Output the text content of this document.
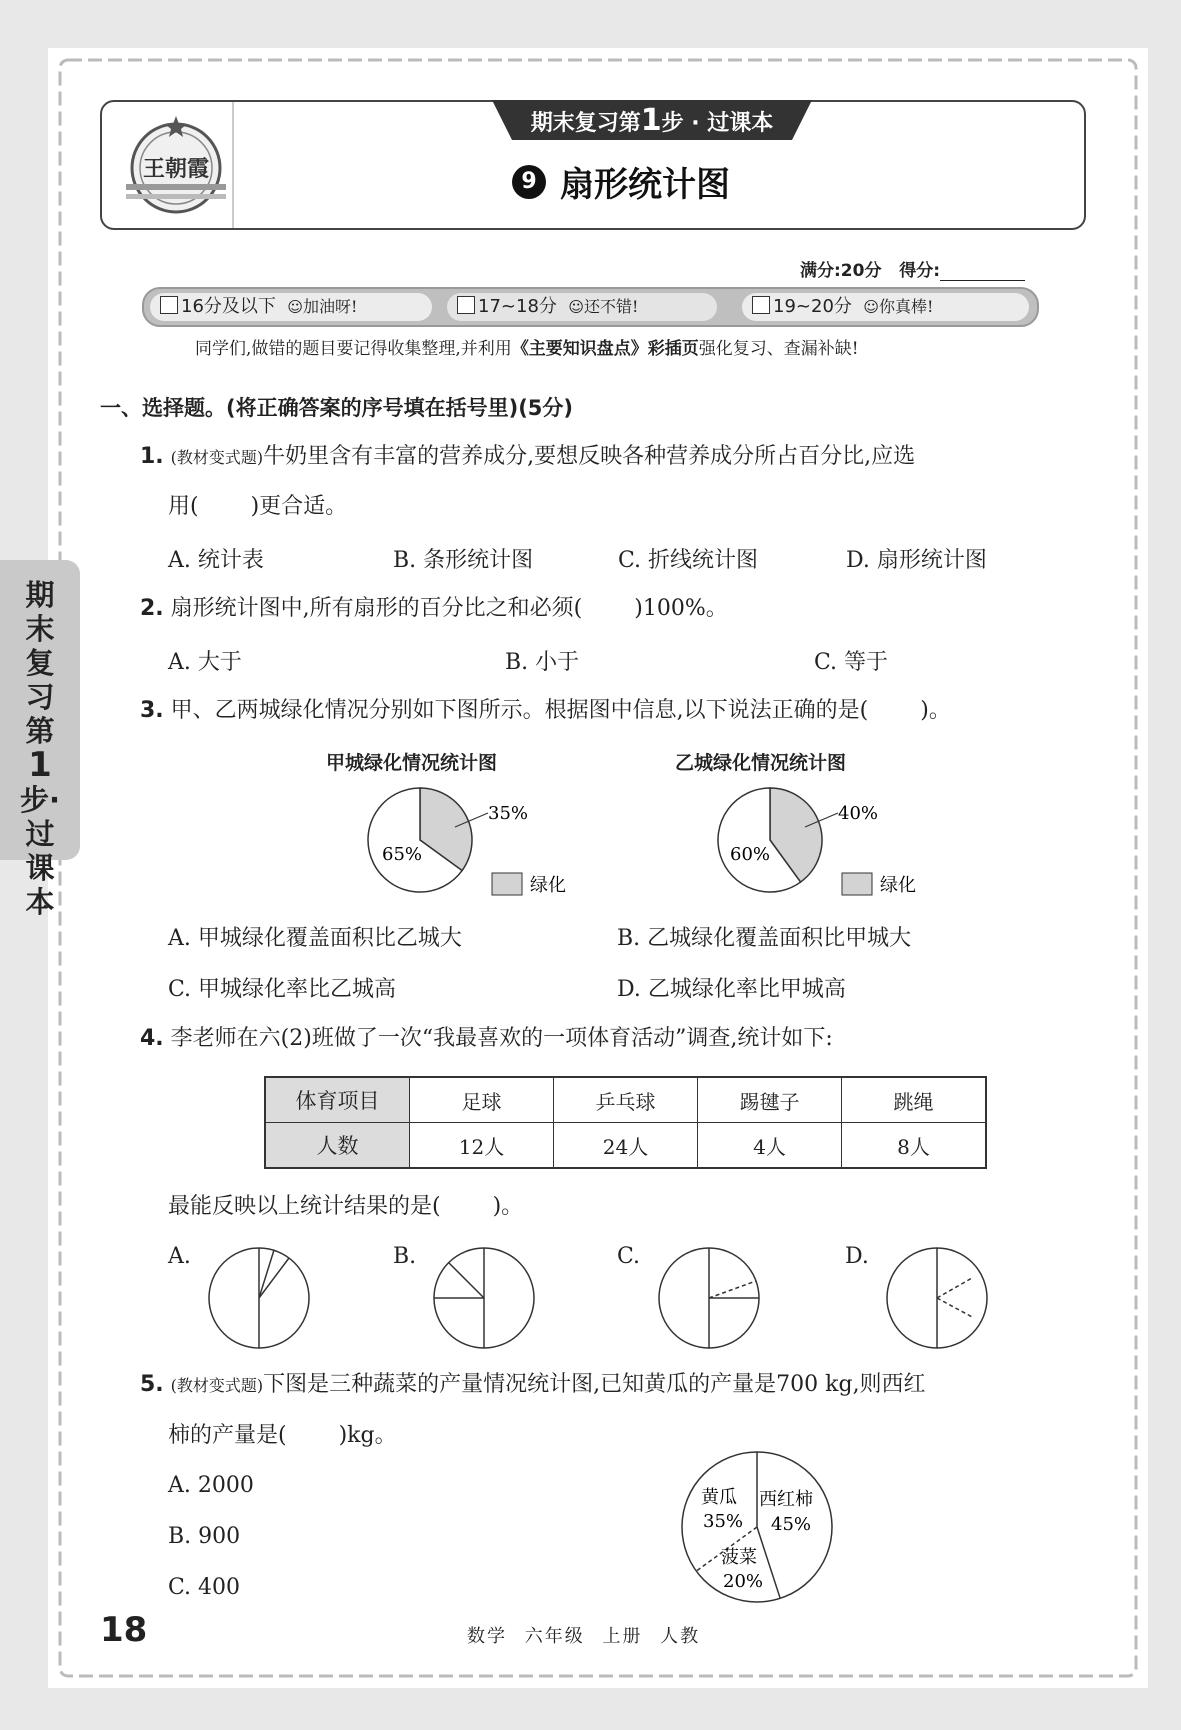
期末复习第
1
步·过课本
王朝霞
期末复习第1步 · 过课本
9 扇形统计图
满分:20分 得分:
16分及以下 ☺加油呀!	17~18分 ☺还不错!	19~20分 ☺你真棒!
同学们,做错的题目要记得收集整理,并利用《主要知识盘点》彩插页强化复习、查漏补缺!
一、选择题。(将正确答案的序号填在括号里)(5分)
1. (教材变式题)牛奶里含有丰富的营养成分,要想反映各种营养成分所占百分比,应选
用( )更合适。
A. 统计表	B. 条形统计图	C. 折线统计图	D. 扇形统计图
2. 扇形统计图中,所有扇形的百分比之和必须( )100%。
A. 大于	B. 小于	C. 等于
3. 甲、乙两城绿化情况分别如下图所示。根据图中信息,以下说法正确的是( )。
甲城绿化情况统计图	乙城绿化情况统计图
35%
65%
绿化
40%
60%
绿化
A. 甲城绿化覆盖面积比乙城大	B. 乙城绿化覆盖面积比甲城大
C. 甲城绿化率比乙城高	D. 乙城绿化率比甲城高
4. 李老师在六(2)班做了一次“我最喜欢的一项体育活动”调查,统计如下:
体育项目	足球	乒乓球	踢毽子	跳绳
人数	12人	24人	4人	8人
最能反映以上统计结果的是( )。
A.	B.	C.	D.
5. (教材变式题)下图是三种蔬菜的产量情况统计图,已知黄瓜的产量是700 kg,则西红
柿的产量是( )kg。
A. 2000
B. 900
C. 400
黄瓜
35%
西红柿
45%
菠菜
20%
18	数学 六年级 上册 人教
